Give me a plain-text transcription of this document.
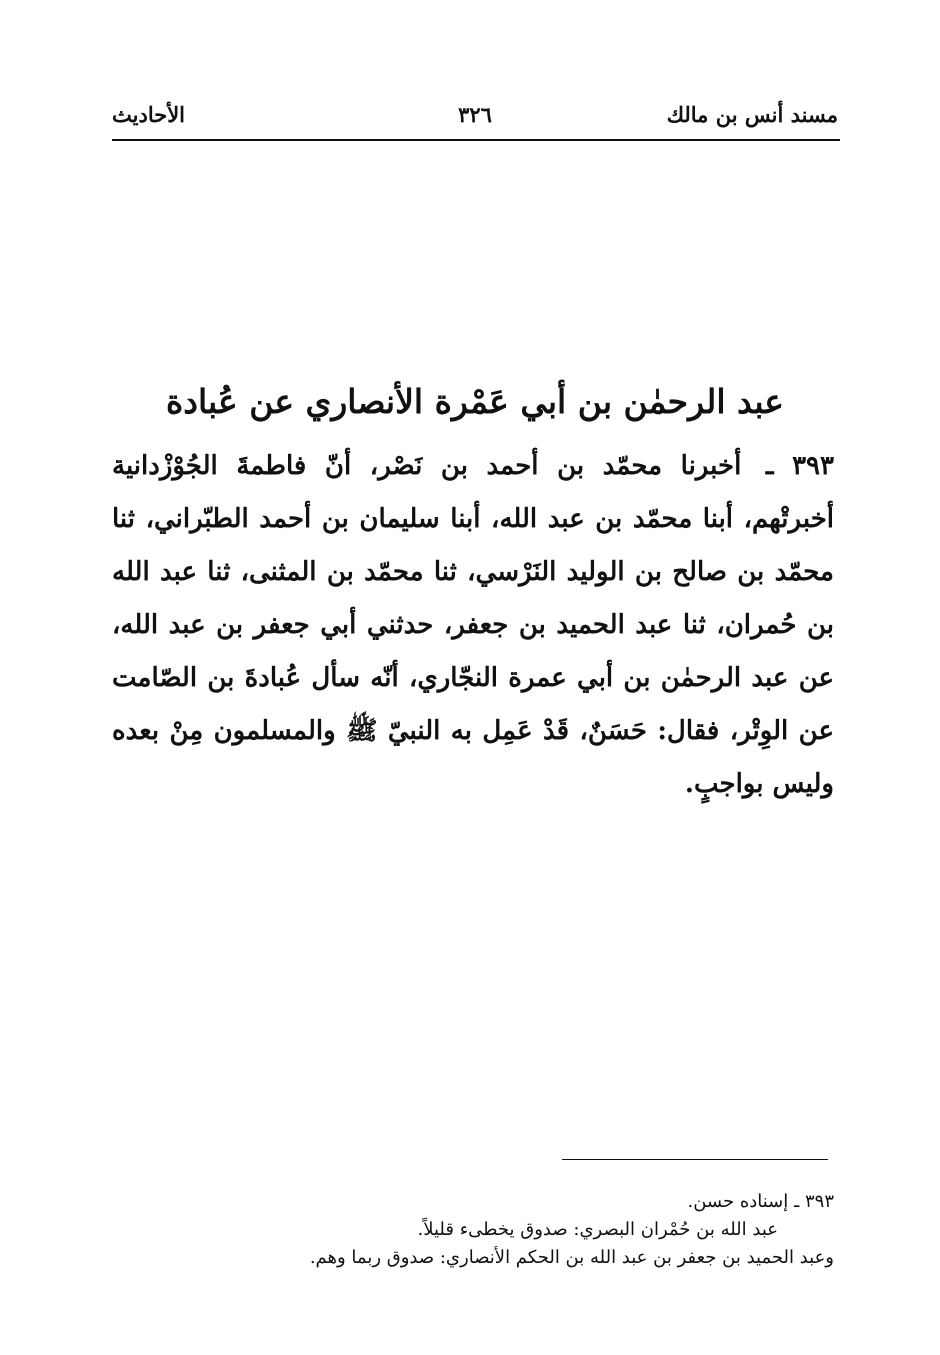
مسند أنس بن مالك
٣٢٦
الأحاديث
عبد الرحمٰن بن أبي عَمْرة الأنصاري عن عُبادة
٣٩٣ ـ أخبرنا محمّد بن أحمد بن نَصْر، أنّ فاطمةَ الجُوْزْدانية أخبرتْهم، أبنا محمّد بن عبد الله، أبنا سليمان بن أحمد الطبّراني، ثنا محمّد بن صالح بن الوليد النَرْسي، ثنا محمّد بن المثنى، ثنا عبد الله بن حُمران، ثنا عبد الحميد بن جعفر، حدثني أبي جعفر بن عبد الله، عن عبد الرحمٰن بن أبي عمرة النجّاري، أنّه سأل عُبادةَ بن الصّامت عن الوِتْر، فقال: حَسَنٌ، قَدْ عَمِل به النبيّ ﷺ والمسلمون مِنْ بعده وليس بواجبٍ.
٣٩٣ ـ إسناده حسن.
عبد الله بن حُمْران البصري: صدوق يخطىء قليلاً.
وعبد الحميد بن جعفر بن عبد الله بن الحكم الأنصاري: صدوق ربما وهم.
